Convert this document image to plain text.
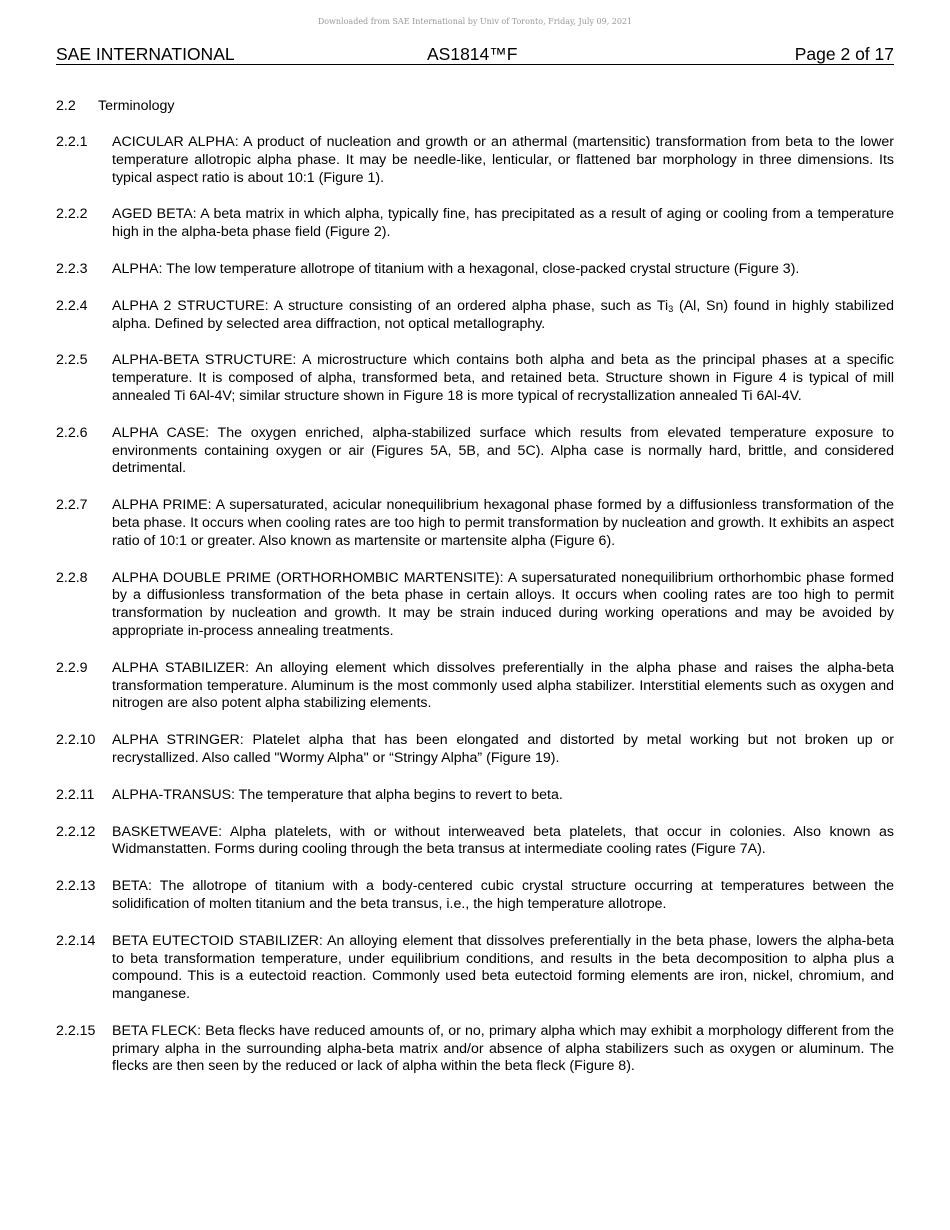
Downloaded from SAE International by Univ of Toronto, Friday, July 09, 2021
SAE INTERNATIONAL	AS1814™F	Page 2 of 17
2.2 Terminology
2.2.1	ACICULAR ALPHA: A product of nucleation and growth or an athermal (martensitic) transformation from beta to the lower temperature allotropic alpha phase. It may be needle-like, lenticular, or flattened bar morphology in three dimensions. Its typical aspect ratio is about 10:1 (Figure 1).
2.2.2	AGED BETA: A beta matrix in which alpha, typically fine, has precipitated as a result of aging or cooling from a temperature high in the alpha-beta phase field (Figure 2).
2.2.3	ALPHA: The low temperature allotrope of titanium with a hexagonal, close-packed crystal structure (Figure 3).
2.2.4	ALPHA 2 STRUCTURE: A structure consisting of an ordered alpha phase, such as $Ti_3$ (Al, Sn) found in highly stabilized alpha. Defined by selected area diffraction, not optical metallography.
2.2.5	ALPHA-BETA STRUCTURE: A microstructure which contains both alpha and beta as the principal phases at a specific temperature. It is composed of alpha, transformed beta, and retained beta. Structure shown in Figure 4 is typical of mill annealed Ti 6Al-4V; similar structure shown in Figure 18 is more typical of recrystallization annealed Ti 6Al-4V.
2.2.6	ALPHA CASE: The oxygen enriched, alpha-stabilized surface which results from elevated temperature exposure to environments containing oxygen or air (Figures 5A, 5B, and 5C). Alpha case is normally hard, brittle, and considered detrimental.
2.2.7	ALPHA PRIME: A supersaturated, acicular nonequilibrium hexagonal phase formed by a diffusionless transformation of the beta phase. It occurs when cooling rates are too high to permit transformation by nucleation and growth. It exhibits an aspect ratio of 10:1 or greater. Also known as martensite or martensite alpha (Figure 6).
2.2.8	ALPHA DOUBLE PRIME (ORTHORHOMBIC MARTENSITE): A supersaturated nonequilibrium orthorhombic phase formed by a diffusionless transformation of the beta phase in certain alloys. It occurs when cooling rates are too high to permit transformation by nucleation and growth. It may be strain induced during working operations and may be avoided by appropriate in-process annealing treatments.
2.2.9	ALPHA STABILIZER: An alloying element which dissolves preferentially in the alpha phase and raises the alpha-beta transformation temperature. Aluminum is the most commonly used alpha stabilizer. Interstitial elements such as oxygen and nitrogen are also potent alpha stabilizing elements.
2.2.10	ALPHA STRINGER: Platelet alpha that has been elongated and distorted by metal working but not broken up or recrystallized. Also called "Wormy Alpha" or “Stringy Alpha” (Figure 19).
2.2.11	ALPHA-TRANSUS: The temperature that alpha begins to revert to beta.
2.2.12	BASKETWEAVE: Alpha platelets, with or without interweaved beta platelets, that occur in colonies. Also known as Widmanstatten. Forms during cooling through the beta transus at intermediate cooling rates (Figure 7A).
2.2.13	BETA: The allotrope of titanium with a body-centered cubic crystal structure occurring at temperatures between the solidification of molten titanium and the beta transus, i.e., the high temperature allotrope.
2.2.14	BETA EUTECTOID STABILIZER: An alloying element that dissolves preferentially in the beta phase, lowers the alpha-beta to beta transformation temperature, under equilibrium conditions, and results in the beta decomposition to alpha plus a compound. This is a eutectoid reaction. Commonly used beta eutectoid forming elements are iron, nickel, chromium, and manganese.
2.2.15	BETA FLECK: Beta flecks have reduced amounts of, or no, primary alpha which may exhibit a morphology different from the primary alpha in the surrounding alpha-beta matrix and/or absence of alpha stabilizers such as oxygen or aluminum. The flecks are then seen by the reduced or lack of alpha within the beta fleck (Figure 8).
